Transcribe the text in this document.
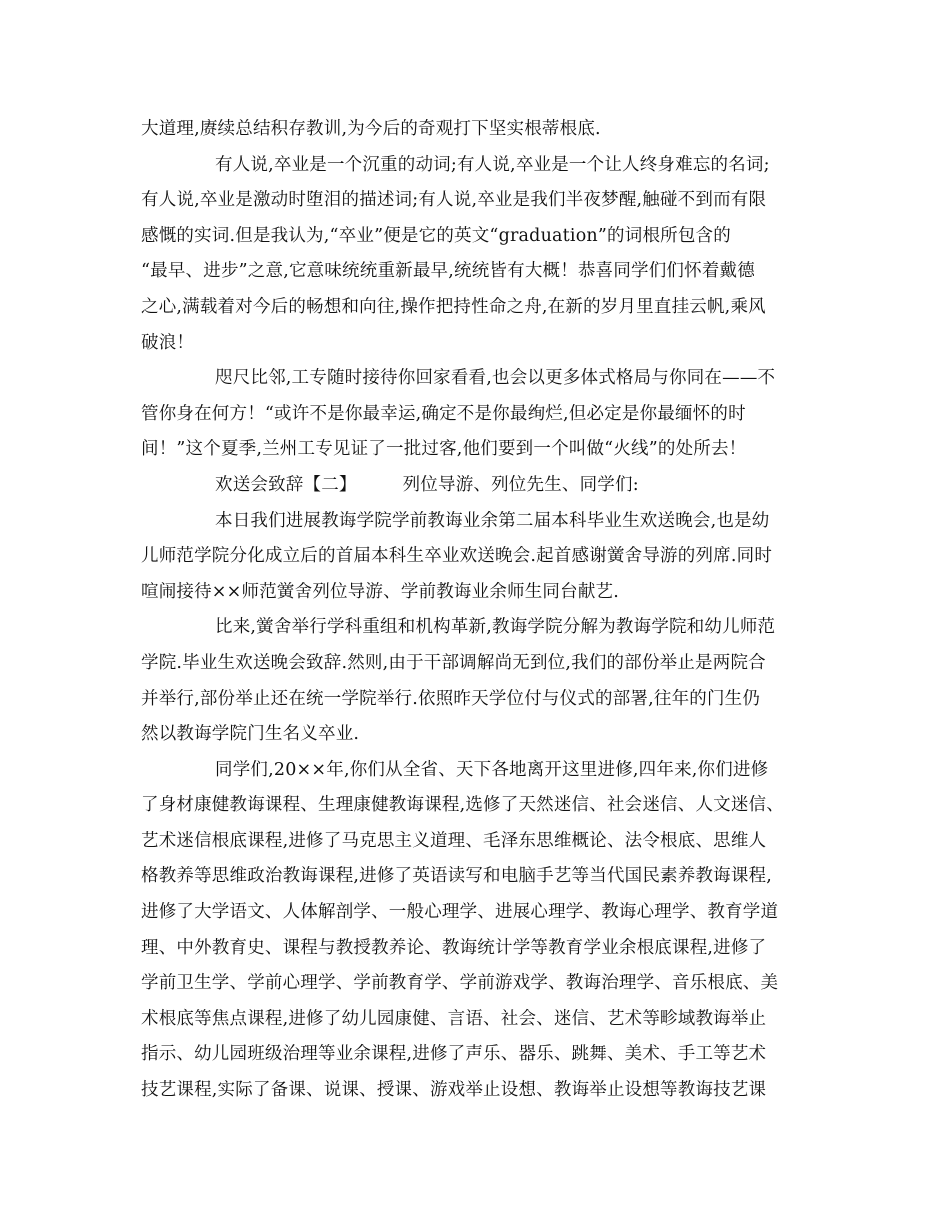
大道理,赓续总结积存教训,为今后的奇观打下坚实根蒂根底.
有人说,卒业是一个沉重的动词;有人说,卒业是一个让人终身难忘的名词;
有人说,卒业是激动时堕泪的描述词;有人说,卒业是我们半夜梦醒,触碰不到而有限
感慨的实词.但是我认为,“卒业”便是它的英文“graduation”的词根所包含的
“最早、进步”之意,它意味统统重新最早,统统皆有大概！恭喜同学们们怀着戴德
之心,满载着对今后的畅想和向往,操作把持性命之舟,在新的岁月里直挂云帆,乘风
破浪！
咫尺比邻,工专随时接待你回家看看,也会以更多体式格局与你同在——不
管你身在何方！“或许不是你最幸运,确定不是你最绚烂,但必定是你最缅怀的时
间！”这个夏季,兰州工专见证了一批过客,他们要到一个叫做“火线”的处所去！
欢送会致辞【二】	列位导游、列位先生、同学们:
本日我们进展教诲学院学前教诲业余第二届本科毕业生欢送晚会,也是幼
儿师范学院分化成立后的首届本科生卒业欢送晚会.起首感谢黉舍导游的列席.同时
喧闹接待××师范黉舍列位导游、学前教诲业余师生同台献艺.
比来,黉舍举行学科重组和机构革新,教诲学院分解为教诲学院和幼儿师范
学院.毕业生欢送晚会致辞.然则,由于干部调解尚无到位,我们的部份举止是两院合
并举行,部份举止还在统一学院举行.依照昨天学位付与仪式的部署,往年的门生仍
然以教诲学院门生名义卒业.
同学们,20××年,你们从全省、天下各地离开这里进修,四年来,你们进修
了身材康健教诲课程、生理康健教诲课程,选修了天然迷信、社会迷信、人文迷信、
艺术迷信根底课程,进修了马克思主义道理、毛泽东思维概论、法令根底、思维人
格教养等思维政治教诲课程,进修了英语读写和电脑手艺等当代国民素养教诲课程,
进修了大学语文、人体解剖学、一般心理学、进展心理学、教诲心理学、教育学道
理、中外教育史、课程与教授教养论、教诲统计学等教育学业余根底课程,进修了
学前卫生学、学前心理学、学前教育学、学前游戏学、教诲治理学、音乐根底、美
术根底等焦点课程,进修了幼儿园康健、言语、社会、迷信、艺术等畛域教诲举止
指示、幼儿园班级治理等业余课程,进修了声乐、器乐、跳舞、美术、手工等艺术
技艺课程,实际了备课、说课、授课、游戏举止设想、教诲举止设想等教诲技艺课
